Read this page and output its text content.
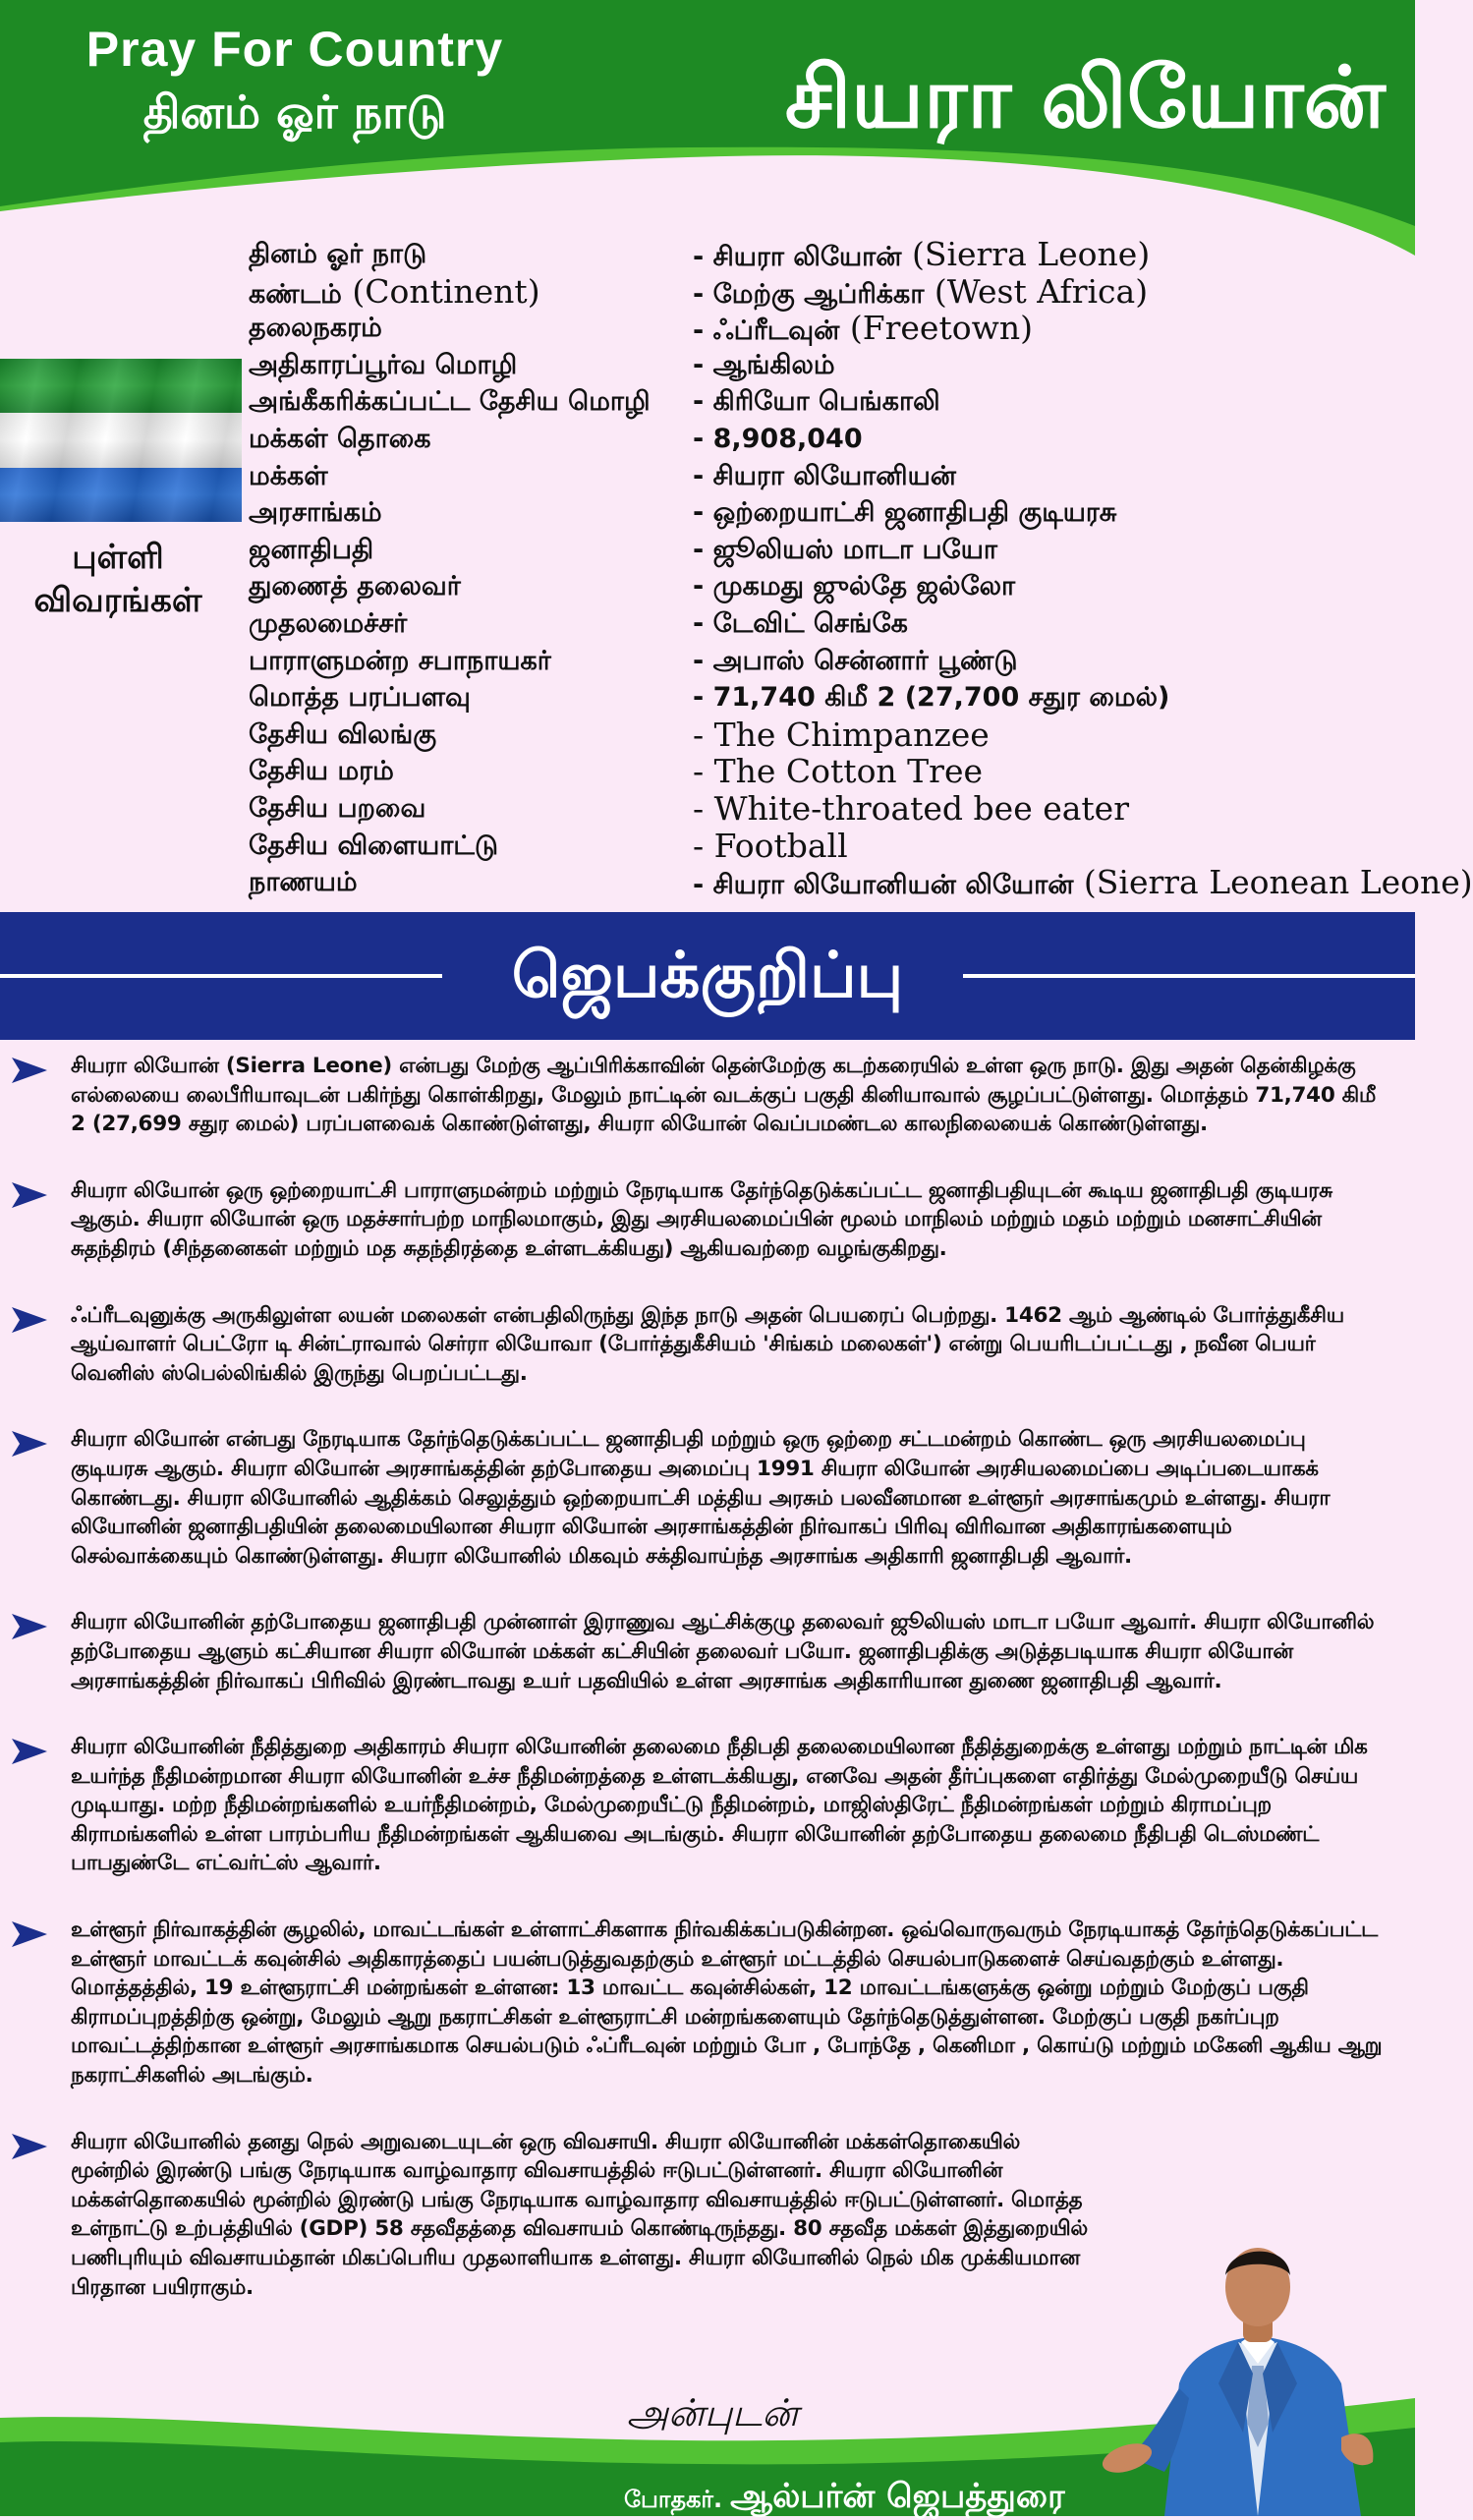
Pray For Country
தினம் ஓர் நாடு	சியரா லியோன்
புள்ளி
விவரங்கள்
தினம் ஓர் நாடு	- சியரா லியோன் (Sierra Leone)
கண்டம் (Continent)	- மேற்கு ஆப்ரிக்கா (West Africa)
தலைநகரம்	- ஃப்ரீடவுன் (Freetown)
அதிகாரப்பூர்வ மொழி	- ஆங்கிலம்
அங்கீகரிக்கப்பட்ட தேசிய மொழி - கிரியோ பெங்காலி
மக்கள் தொகை	- 8,908,040
மக்கள்	- சியரா லியோனியன்
அரசாங்கம்	- ஒற்றையாட்சி ஜனாதிபதி குடியரசு
ஜனாதிபதி	- ஜூலியஸ் மாடா பயோ
துணைத் தலைவர்	- முகமது ஜுல்தே ஜல்லோ
முதலமைச்சர்	- டேவிட் செங்கே
பாராளுமன்ற சபாநாயகர்	- அபாஸ் சென்னார் பூண்டு
மொத்த பரப்பளவு	- 71,740 கிமீ 2 (27,700 சதுர மைல்)
தேசிய விலங்கு	- The Chimpanzee
தேசிய மரம்	- The Cotton Tree
தேசிய பறவை	- White-throated bee eater
தேசிய விளையாட்டு	- Football
நாணயம்	- சியரா லியோனியன் லியோன் (Sierra Leonean Leone)
ஜெபக்குறிப்பு
சியரா லியோன் (Sierra Leone) என்பது மேற்கு ஆப்பிரிக்காவின் தென்மேற்கு கடற்கரையில் உள்ள ஒரு நாடு. இது அதன் தென்கிழக்கு எல்லையை லைபீரியாவுடன் பகிர்ந்து கொள்கிறது, மேலும் நாட்டின் வடக்குப் பகுதி கினியாவால் சூழப்பட்டுள்ளது. மொத்தம் 71,740 கிமீ 2 (27,699 சதுர மைல்) பரப்பளவைக் கொண்டுள்ளது, சியரா லியோன் வெப்பமண்டல காலநிலையைக் கொண்டுள்ளது.
சியரா லியோன் ஒரு ஒற்றையாட்சி பாராளுமன்றம் மற்றும் நேரடியாக தேர்ந்தெடுக்கப்பட்ட ஜனாதிபதியுடன் கூடிய ஜனாதிபதி குடியரசு ஆகும். சியரா லியோன் ஒரு மதச்சார்பற்ற மாநிலமாகும், இது அரசியலமைப்பின் மூலம் மாநிலம் மற்றும் மதம் மற்றும் மனசாட்சியின் சுதந்திரம் (சிந்தனைகள் மற்றும் மத சுதந்திரத்தை உள்ளடக்கியது) ஆகியவற்றை வழங்குகிறது.
ஃப்ரீடவுனுக்கு அருகிலுள்ள லயன் மலைகள் என்பதிலிருந்து இந்த நாடு அதன் பெயரைப் பெற்றது. 1462 ஆம் ஆண்டில் போர்த்துகீசிய ஆய்வாளர் பெட்ரோ டி சின்ட்ராவால் செர்ரா லியோவா (போர்த்துகீசியம் 'சிங்கம் மலைகள்') என்று பெயரிடப்பட்டது , நவீன பெயர் வெனிஸ் ஸ்பெல்லிங்கில் இருந்து பெறப்பட்டது.
சியரா லியோன் என்பது நேரடியாக தேர்ந்தெடுக்கப்பட்ட ஜனாதிபதி மற்றும் ஒரு ஒற்றை சட்டமன்றம் கொண்ட ஒரு அரசியலமைப்பு குடியரசு ஆகும். சியரா லியோன் அரசாங்கத்தின் தற்போதைய அமைப்பு 1991 சியரா லியோன் அரசியலமைப்பை அடிப்படையாகக் கொண்டது. சியரா லியோனில் ஆதிக்கம் செலுத்தும் ஒற்றையாட்சி மத்திய அரசும் பலவீனமான உள்ளூர் அரசாங்கமும் உள்ளது. சியரா லியோனின் ஜனாதிபதியின் தலைமையிலான சியரா லியோன் அரசாங்கத்தின் நிர்வாகப் பிரிவு விரிவான அதிகாரங்களையும் செல்வாக்கையும் கொண்டுள்ளது. சியரா லியோனில் மிகவும் சக்திவாய்ந்த அரசாங்க அதிகாரி ஜனாதிபதி ஆவார்.
சியரா லியோனின் தற்போதைய ஜனாதிபதி முன்னாள் இராணுவ ஆட்சிக்குழு தலைவர் ஜூலியஸ் மாடா பயோ ஆவார். சியரா லியோனில் தற்போதைய ஆளும் கட்சியான சியரா லியோன் மக்கள் கட்சியின் தலைவர் பயோ. ஜனாதிபதிக்கு அடுத்தபடியாக சியரா லியோன் அரசாங்கத்தின் நிர்வாகப் பிரிவில் இரண்டாவது உயர் பதவியில் உள்ள அரசாங்க அதிகாரியான துணை ஜனாதிபதி ஆவார்.
சியரா லியோனின் நீதித்துறை அதிகாரம் சியரா லியோனின் தலைமை நீதிபதி தலைமையிலான நீதித்துறைக்கு உள்ளது மற்றும் நாட்டின் மிக உயர்ந்த நீதிமன்றமான சியரா லியோனின் உச்ச நீதிமன்றத்தை உள்ளடக்கியது, எனவே அதன் தீர்ப்புகளை எதிர்த்து மேல்முறையீடு செய்ய முடியாது. மற்ற நீதிமன்றங்களில் உயர்நீதிமன்றம், மேல்முறையீட்டு நீதிமன்றம், மாஜிஸ்திரேட் நீதிமன்றங்கள் மற்றும் கிராமப்புற கிராமங்களில் உள்ள பாரம்பரிய நீதிமன்றங்கள் ஆகியவை அடங்கும். சியரா லியோனின் தற்போதைய தலைமை நீதிபதி டெஸ்மண்ட் பாபதுண்டே எட்வர்ட்ஸ் ஆவார்.
உள்ளூர் நிர்வாகத்தின் சூழலில், மாவட்டங்கள் உள்ளாட்சிகளாக நிர்வகிக்கப்படுகின்றன. ஒவ்வொருவரும் நேரடியாகத் தேர்ந்தெடுக்கப்பட்ட உள்ளூர் மாவட்டக் கவுன்சில் அதிகாரத்தைப் பயன்படுத்துவதற்கும் உள்ளூர் மட்டத்தில் செயல்பாடுகளைச் செய்வதற்கும் உள்ளது. மொத்தத்தில், 19 உள்ளூராட்சி மன்றங்கள் உள்ளன: 13 மாவட்ட கவுன்சில்கள், 12 மாவட்டங்களுக்கு ஒன்று மற்றும் மேற்குப் பகுதி கிராமப்புறத்திற்கு ஒன்று, மேலும் ஆறு நகராட்சிகள் உள்ளூராட்சி மன்றங்களையும் தேர்ந்தெடுத்துள்ளன. மேற்குப் பகுதி நகர்ப்புற மாவட்டத்திற்கான உள்ளூர் அரசாங்கமாக செயல்படும் ஃப்ரீடவுன் மற்றும் போ , போந்தே , கெனிமா , கொய்டு மற்றும் மகேனி ஆகிய ஆறு நகராட்சிகளில் அடங்கும்.
சியரா லியோனில் தனது நெல் அறுவடையுடன் ஒரு விவசாயி. சியரா லியோனின் மக்கள்தொகையில் மூன்றில் இரண்டு பங்கு நேரடியாக வாழ்வாதார விவசாயத்தில் ஈடுபட்டுள்ளனர். சியரா லியோனின் மக்கள்தொகையில் மூன்றில் இரண்டு பங்கு நேரடியாக வாழ்வாதார விவசாயத்தில் ஈடுபட்டுள்ளனர். மொத்த உள்நாட்டு உற்பத்தியில் (GDP) 58 சதவீதத்தை விவசாயம் கொண்டிருந்தது. 80 சதவீத மக்கள் இத்துறையில் பணிபுரியும் விவசாயம்தான் மிகப்பெரிய முதலாளியாக உள்ளது. சியரா லியோனில் நெல் மிக முக்கியமான பிரதான பயிராகும்.
அன்புடன்
போதகர். ஆல்பர்ன் ஜெபத்துரை
